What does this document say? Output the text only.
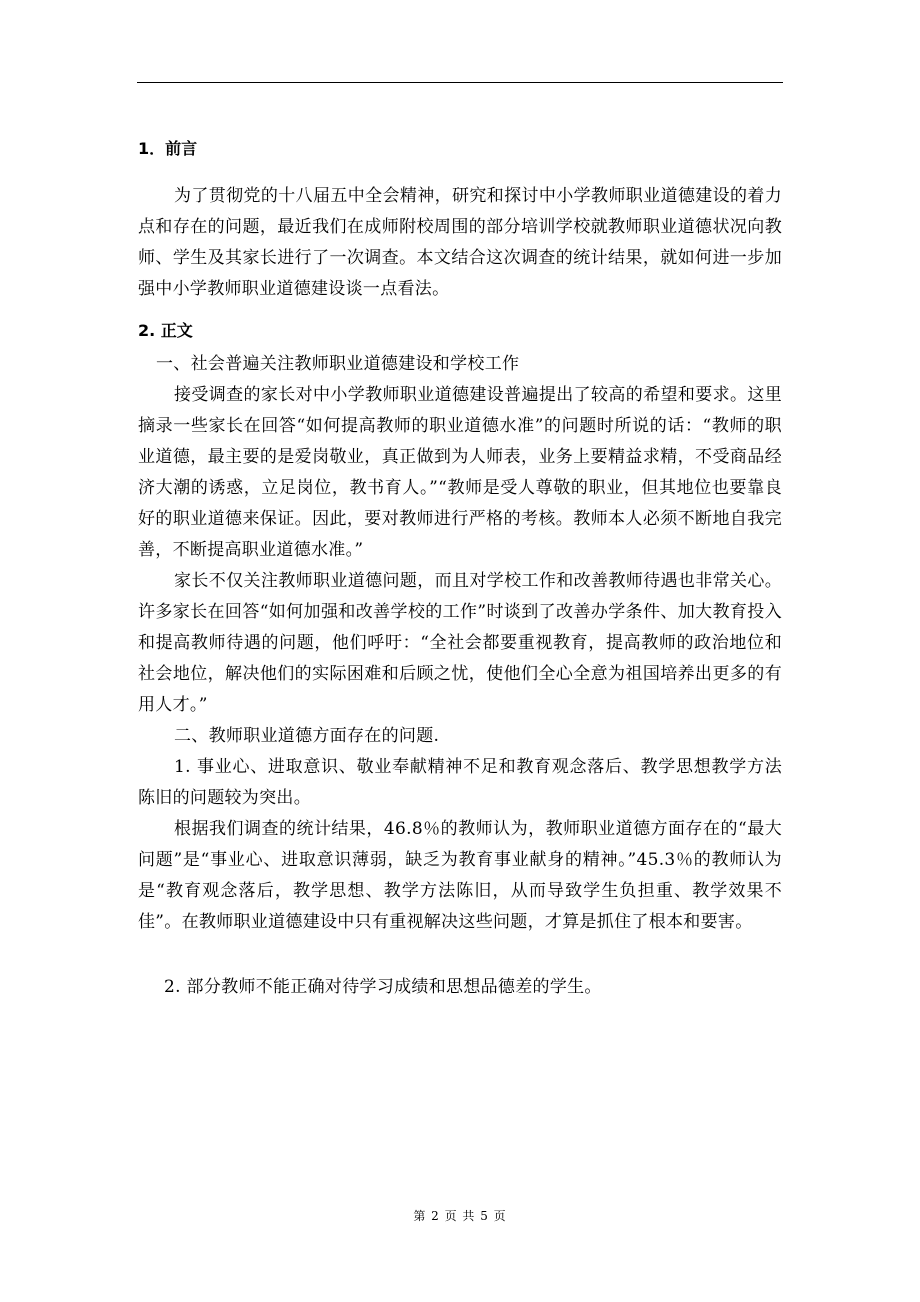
1．前言

为了贯彻党的十八届五中全会精神，研究和探讨中小学教师职业道德建设的着力点和存在的问题，最近我们在成师附校周围的部分培训学校就教师职业道德状况向教师、学生及其家长进行了一次调查。本文结合这次调查的统计结果，就如何进一步加强中小学教师职业道德建设谈一点看法。

2. 正文

一、社会普遍关注教师职业道德建设和学校工作

接受调查的家长对中小学教师职业道德建设普遍提出了较高的希望和要求。这里摘录一些家长在回答“如何提高教师的职业道德水准”的问题时所说的话：“教师的职业道德，最主要的是爱岗敬业，真正做到为人师表，业务上要精益求精，不受商品经济大潮的诱惑，立足岗位，教书育人。”“教师是受人尊敬的职业，但其地位也要靠良好的职业道德来保证。因此，要对教师进行严格的考核。教师本人必须不断地自我完善，不断提高职业道德水准。”

家长不仅关注教师职业道德问题，而且对学校工作和改善教师待遇也非常关心。许多家长在回答“如何加强和改善学校的工作”时谈到了改善办学条件、加大教育投入和提高教师待遇的问题，他们呼吁：“全社会都要重视教育，提高教师的政治地位和社会地位，解决他们的实际困难和后顾之忧，使他们全心全意为祖国培养出更多的有用人才。”

二、教师职业道德方面存在的问题.

1. 事业心、进取意识、敬业奉献精神不足和教育观念落后、教学思想教学方法陈旧的问题较为突出。

根据我们调查的统计结果，46.8％的教师认为，教师职业道德方面存在的“最大问题”是“事业心、进取意识薄弱，缺乏为教育事业献身的精神。”45.3％的教师认为是“教育观念落后，教学思想、教学方法陈旧，从而导致学生负担重、教学效果不佳”。在教师职业道德建设中只有重视解决这些问题，才算是抓住了根本和要害。

2. 部分教师不能正确对待学习成绩和思想品德差的学生。

第 2 页 共 5 页
